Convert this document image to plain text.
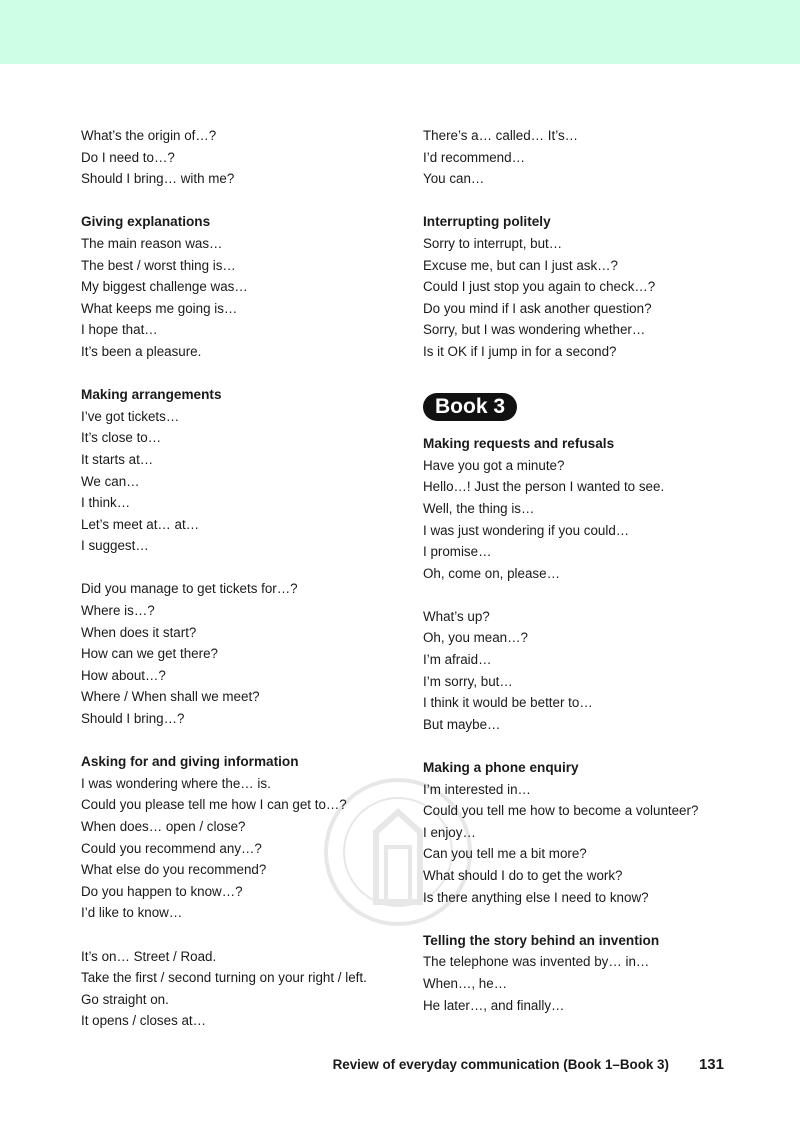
What’s the origin of…?
Do I need to…?
Should I bring… with me?
Giving explanations
The main reason was…
The best / worst thing is…
My biggest challenge was…
What keeps me going is…
I hope that…
It’s been a pleasure.
Making arrangements
I’ve got tickets…
It’s close to…
It starts at…
We can…
I think…
Let’s meet at… at…
I suggest…
Did you manage to get tickets for…?
Where is…?
When does it start?
How can we get there?
How about…?
Where / When shall we meet?
Should I bring…?
Asking for and giving information
I was wondering where the… is.
Could you please tell me how I can get to…?
When does… open / close?
Could you recommend any…?
What else do you recommend?
Do you happen to know…?
I’d like to know…
It’s on… Street / Road.
Take the first / second turning on your right / left.
Go straight on.
It opens / closes at…
There’s a… called… It’s…
I’d recommend…
You can…
Interrupting politely
Sorry to interrupt, but…
Excuse me, but can I just ask…?
Could I just stop you again to check…?
Do you mind if I ask another question?
Sorry, but I was wondering whether…
Is it OK if I jump in for a second?
Book 3
Making requests and refusals
Have you got a minute?
Hello…! Just the person I wanted to see.
Well, the thing is…
I was just wondering if you could…
I promise…
Oh, come on, please…
What’s up?
Oh, you mean…?
I’m afraid…
I’m sorry, but…
I think it would be better to…
But maybe…
Making a phone enquiry
I’m interested in…
Could you tell me how to become a volunteer?
I enjoy…
Can you tell me a bit more?
What should I do to get the work?
Is there anything else I need to know?
Telling the story behind an invention
The telephone was invented by… in…
When…, he…
He later…, and finally…
Review of everyday communication (Book 1–Book 3) 131
